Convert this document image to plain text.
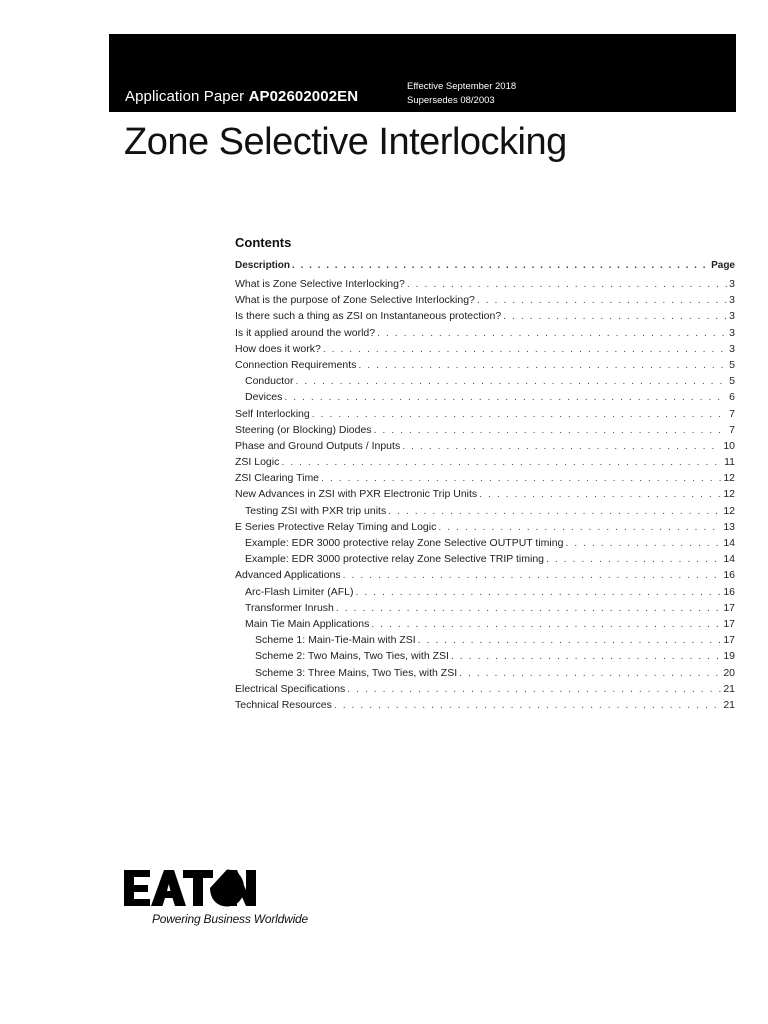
Application Paper AP02602002EN
Effective September 2018
Supersedes 08/2003
Zone Selective Interlocking
Contents
Description . . .	Page
What is Zone Selective Interlocking? . . .	3
What is the purpose of Zone Selective Interlocking? . . .	3
Is there such a thing as ZSI on Instantaneous protection? . . .	3
Is it applied around the world? . . .	3
How does it work? . . .	3
Connection Requirements . . .	5
Conductor . . .	5
Devices . . .	6
Self Interlocking . . .	7
Steering (or Blocking) Diodes . . .	7
Phase and Ground Outputs / Inputs . . .	10
ZSI Logic . . .	11
ZSI Clearing Time . . .	12
New Advances in ZSI with PXR Electronic Trip Units . . .	12
Testing ZSI with PXR trip units . . .	12
E Series Protective Relay Timing and Logic . . .	13
Example: EDR 3000 protective relay Zone Selective OUTPUT timing . . .	14
Example: EDR 3000 protective relay Zone Selective TRIP timing . . .	14
Advanced Applications . . .	16
Arc-Flash Limiter (AFL) . . .	16
Transformer Inrush . . .	17
Main Tie Main Applications . . .	17
Scheme 1: Main-Tie-Main with ZSI . . .	17
Scheme 2: Two Mains, Two Ties, with ZSI . . .	19
Scheme 3: Three Mains, Two Ties, with ZSI . . .	20
Electrical Specifications . . .	21
Technical Resources . . .	21
Powering Business Worldwide
